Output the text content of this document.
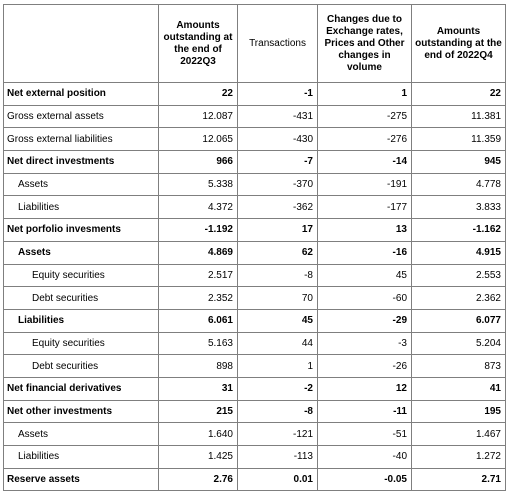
	Amounts outstanding at the end of 2022Q3	Transactions	Changes due to Exchange rates, Prices and Other changes in volume	Amounts outstanding at the end of 2022Q4
Net external position	22	-1	1	22
Gross external assets	12.087	-431	-275	11.381
Gross external liabilities	12.065	-430	-276	11.359
Net direct investments	966	-7	-14	945
Assets	5.338	-370	-191	4.778
Liabilities	4.372	-362	-177	3.833
Net porfolio invesments	-1.192	17	13	-1.162
Assets	4.869	62	-16	4.915
Equity securities	2.517	-8	45	2.553
Debt securities	2.352	70	-60	2.362
Liabilities	6.061	45	-29	6.077
Equity securities	5.163	44	-3	5.204
Debt securities	898	1	-26	873
Net financial derivatives	31	-2	12	41
Net other investments	215	-8	-11	195
Assets	1.640	-121	-51	1.467
Liabilities	1.425	-113	-40	1.272
Reserve assets	2.76	0.01	-0.05	2.71
